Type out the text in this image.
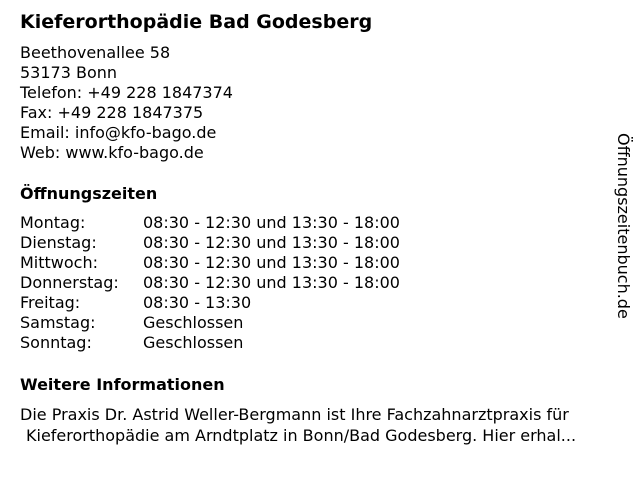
Kieferorthopädie Bad Godesberg
Beethovenallee 58
53173 Bonn
Telefon: +49 228 1847374
Fax: +49 228 1847375
Email: info@kfo-bago.de
Web: www.kfo-bago.de
Öffnungszeiten
Montag:	08:30 - 12:30 und 13:30 - 18:00
Dienstag:	08:30 - 12:30 und 13:30 - 18:00
Mittwoch:	08:30 - 12:30 und 13:30 - 18:00
Donnerstag:	08:30 - 12:30 und 13:30 - 18:00
Freitag:	08:30 - 13:30
Samstag:	Geschlossen
Sonntag:	Geschlossen
Weitere Informationen
Die Praxis Dr. Astrid Weller-Bergmann ist Ihre Fachzahnarztpraxis für
Kieferorthopädie am Arndtplatz in Bonn/Bad Godesberg. Hier erhal...
Öffnungszeitenbuch.de
